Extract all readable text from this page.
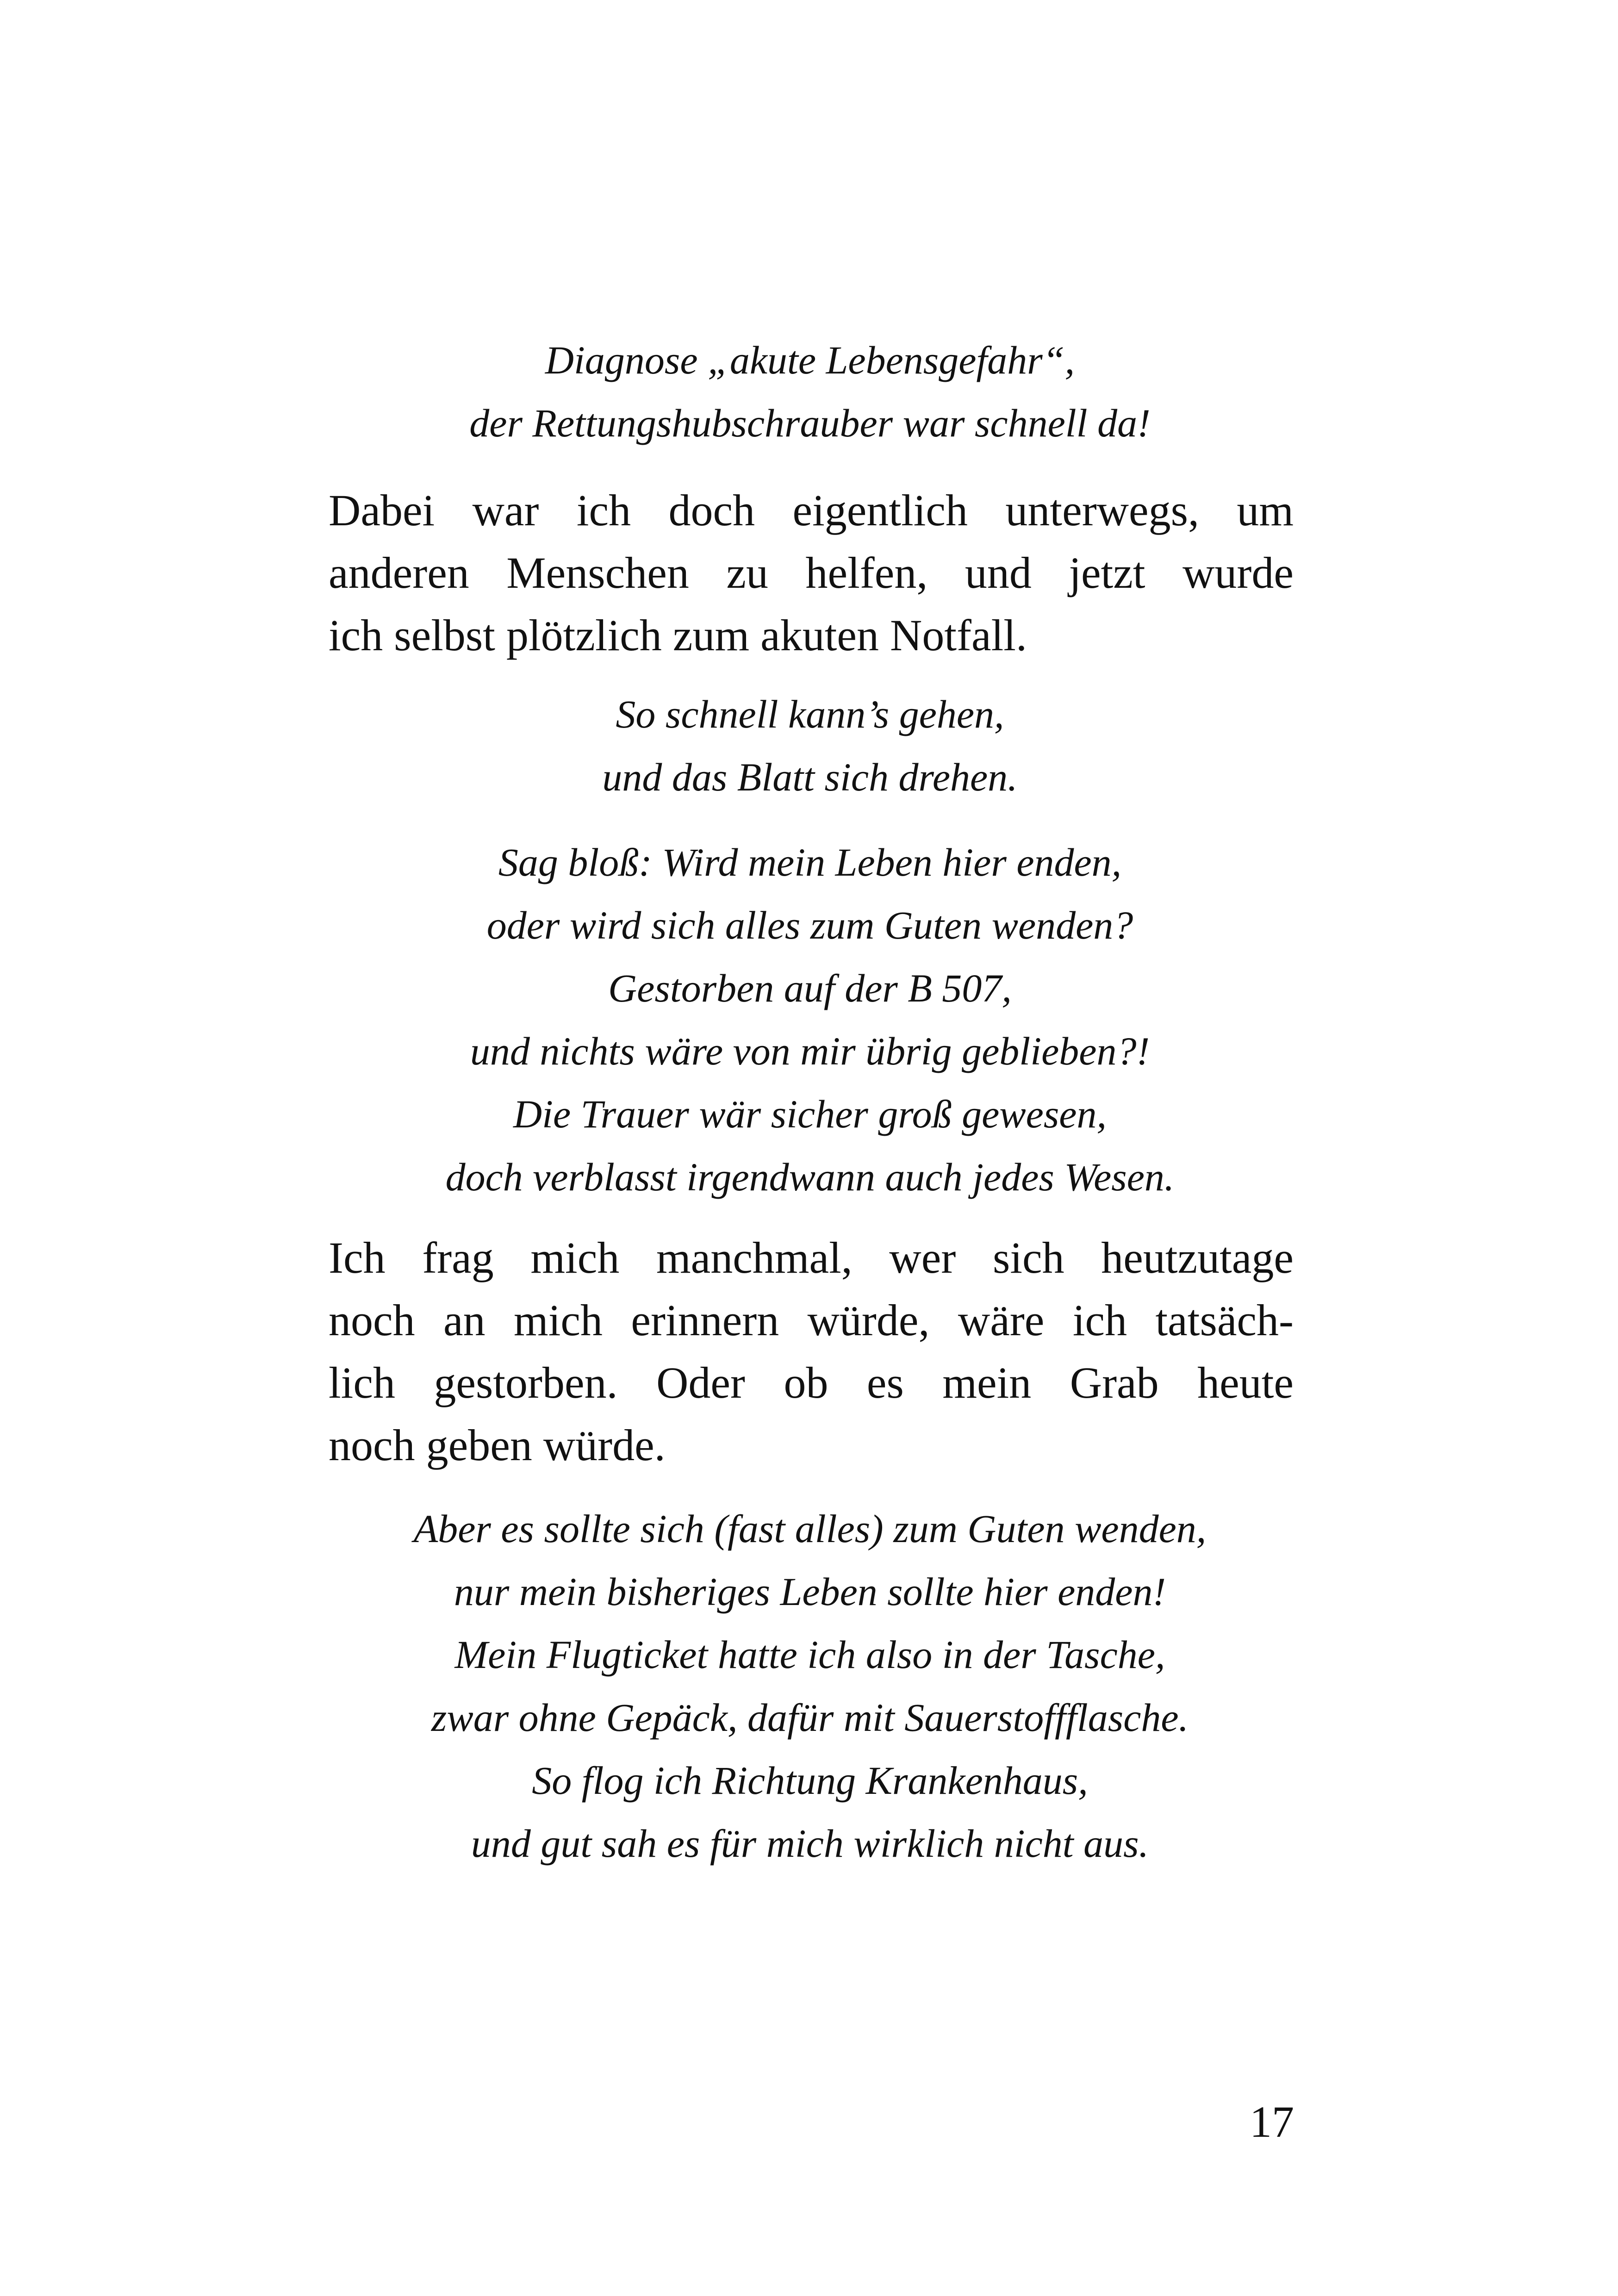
Diagnose „akute Lebensgefahr“,
der Rettungshubschrauber war schnell da!
Dabei war ich doch eigentlich unterwegs, um
anderen Menschen zu helfen, und jetzt wurde
ich selbst plötzlich zum akuten Notfall.
So schnell kann’s gehen,
und das Blatt sich drehen.
Sag bloß: Wird mein Leben hier enden,
oder wird sich alles zum Guten wenden?
Gestorben auf der B 507,
und nichts wäre von mir übrig geblieben?!
Die Trauer wär sicher groß gewesen,
doch verblasst irgendwann auch jedes Wesen.
Ich frag mich manchmal, wer sich heutzutage
noch an mich erinnern würde, wäre ich tatsäch-
lich gestorben. Oder ob es mein Grab heute
noch geben würde.
Aber es sollte sich (fast alles) zum Guten wenden,
nur mein bisheriges Leben sollte hier enden!
Mein Flugticket hatte ich also in der Tasche,
zwar ohne Gepäck, dafür mit Sauerstoffflasche.
So flog ich Richtung Krankenhaus,
und gut sah es für mich wirklich nicht aus.
17
